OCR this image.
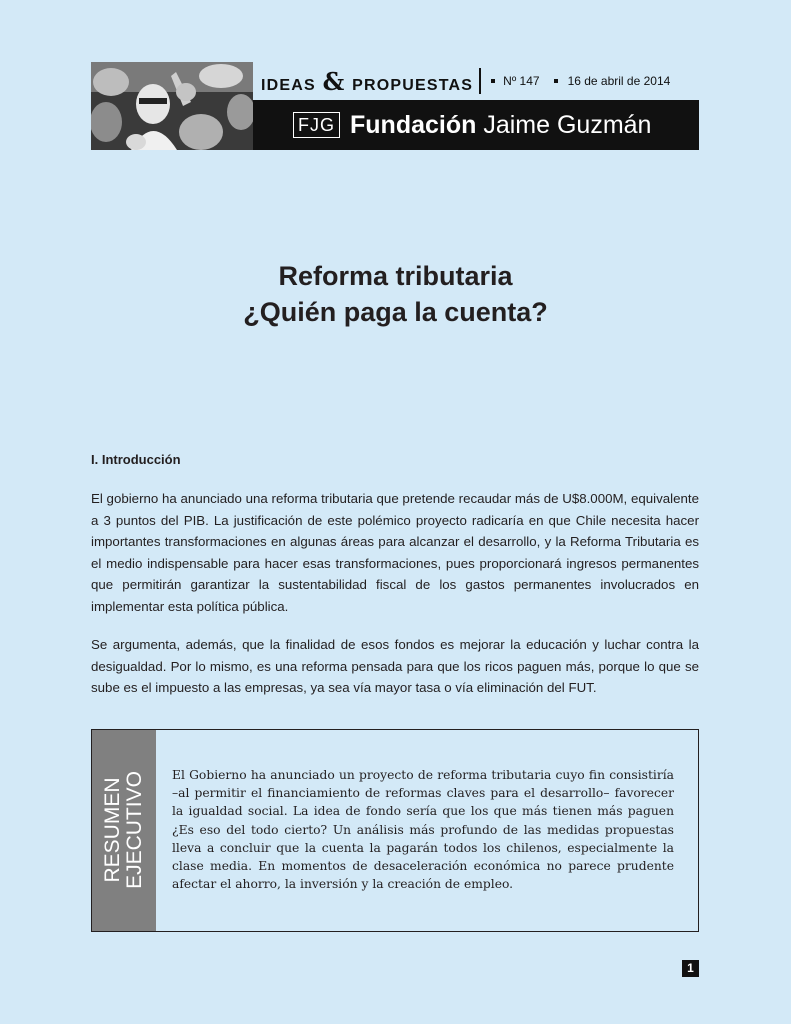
IDEAS & PROPUESTAS	Nº 147 16 de abril de 2014
FJG Fundación Jaime Guzmán
Reforma tributaria
¿Quién paga la cuenta?
I. Introducción
El gobierno ha anunciado una reforma tributaria que pretende recaudar más de U$8.000M, equivalente a 3 puntos del PIB. La justificación de este polémico proyecto radicaría en que Chile necesita hacer importantes transformaciones en algunas áreas para alcanzar el desarrollo, y la Reforma Tributaria es el medio indispensable para hacer esas transformaciones, pues proporcionará ingresos permanentes que permitirán garantizar la sustentabilidad fiscal de los gastos permanentes involucrados en implementar esta política pública.
Se argumenta, además, que la finalidad de esos fondos es mejorar la educación y luchar contra la desigualdad. Por lo mismo, es una reforma pensada para que los ricos paguen más, porque lo que se sube es el impuesto a las empresas, ya sea vía mayor tasa o vía eliminación del FUT.
RESUMEN EJECUTIVO El Gobierno ha anunciado un proyecto de reforma tributaria cuyo fin consistiría –al permitir el financiamiento de reformas claves para el desarrollo– favorecer la igualdad social. La idea de fondo sería que los que más tienen más paguen ¿Es eso del todo cierto? Un análisis más profundo de las medidas propuestas lleva a concluir que la cuenta la pagarán todos los chilenos, especialmente la clase media. En momentos de desaceleración económica no parece prudente afectar el ahorro, la inversión y la creación de empleo.
1
